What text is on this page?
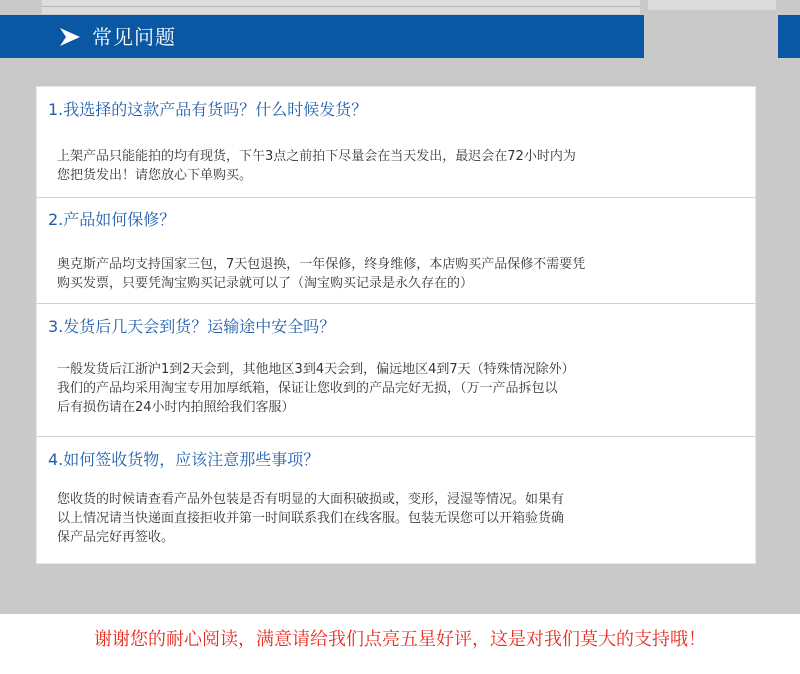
常见问题
1.我选择的这款产品有货吗？什么时候发货？
上架产品只能能拍的均有现货，下午3点之前拍下尽量会在当天发出，最迟会在72小时内为
您把货发出！请您放心下单购买。
2.产品如何保修？
奥克斯产品均支持国家三包，7天包退换，一年保修，终身维修，本店购买产品保修不需要凭
购买发票，只要凭淘宝购买记录就可以了（淘宝购买记录是永久存在的）
3.发货后几天会到货？运输途中安全吗？
一般发货后江浙沪1到2天会到，其他地区3到4天会到，偏远地区4到7天（特殊情况除外）
我们的产品均采用淘宝专用加厚纸箱，保证让您收到的产品完好无损，（万一产品拆包以
后有损伤请在24小时内拍照给我们客服）
4.如何签收货物，应该注意那些事项？
您收货的时候请查看产品外包装是否有明显的大面积破损或，变形，浸湿等情况。如果有
以上情况请当快递面直接拒收并第一时间联系我们在线客服。包装无误您可以开箱验货确
保产品完好再签收。
谢谢您的耐心阅读，满意请给我们点亮五星好评，这是对我们莫大的支持哦！
